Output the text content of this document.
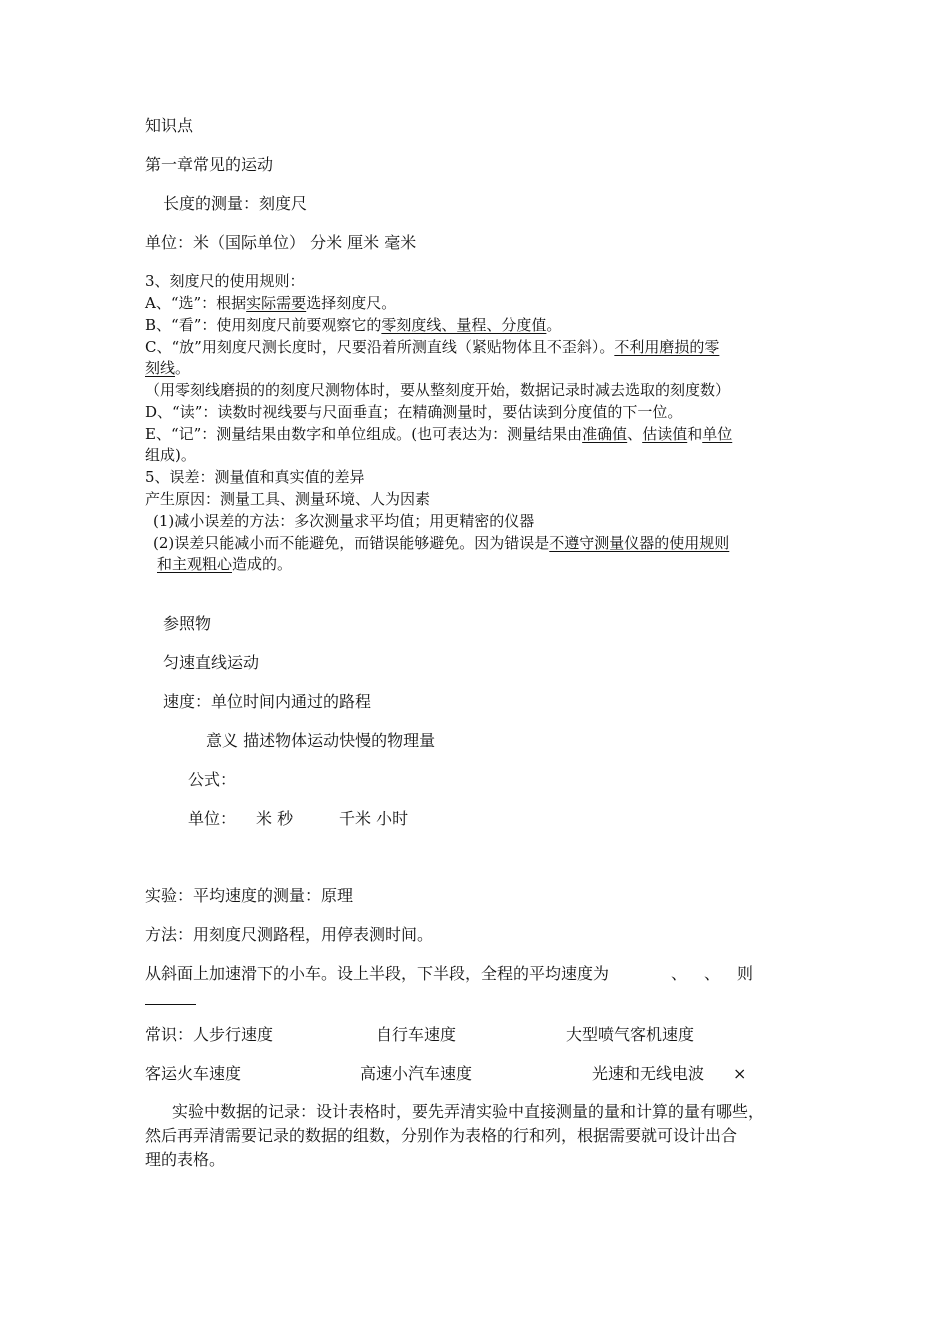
知识点
第一章常见的运动
长度的测量：刻度尺
单位：米（国际单位） 分米 厘米 毫米
3、刻度尺的使用规则：
A、“选”：根据实际需要选择刻度尺。
B、“看”：使用刻度尺前要观察它的零刻度线、量程、分度值。
C、“放”用刻度尺测长度时，尺要沿着所测直线（紧贴物体且不歪斜）。不利用磨损的零
刻线。
（用零刻线磨损的的刻度尺测物体时，要从整刻度开始，数据记录时减去选取的刻度数）
D、“读”：读数时视线要与尺面垂直；在精确测量时，要估读到分度值的下一位。
E、“记”：测量结果由数字和单位组成。(也可表达为：测量结果由准确值、估读值和单位
组成)。
5、误差：测量值和真实值的差异
产生原因：测量工具、测量环境、人为因素
(1)减小误差的方法：多次测量求平均值；用更精密的仪器
(2)误差只能减小而不能避免，而错误能够避免。因为错误是不遵守测量仪器的使用规则
和主观粗心造成的。
参照物
匀速直线运动
速度：单位时间内通过的路程
意义 描述物体运动快慢的物理量
公式：
单位： 米 秒	千米 小时
实验：平均速度的测量：原理
方法：用刻度尺测路程，用停表测时间。
从斜面上加速滑下的小车。设上半段，下半段，全程的平均速度为	、 、 则
常识：人步行速度	自行车速度	大型喷气客机速度
客运火车速度	高速小汽车速度	光速和无线电波 ×
实验中数据的记录：设计表格时，要先弄清实验中直接测量的量和计算的量有哪些，
然后再弄清需要记录的数据的组数，分别作为表格的行和列，根据需要就可设计出合
理的表格。
